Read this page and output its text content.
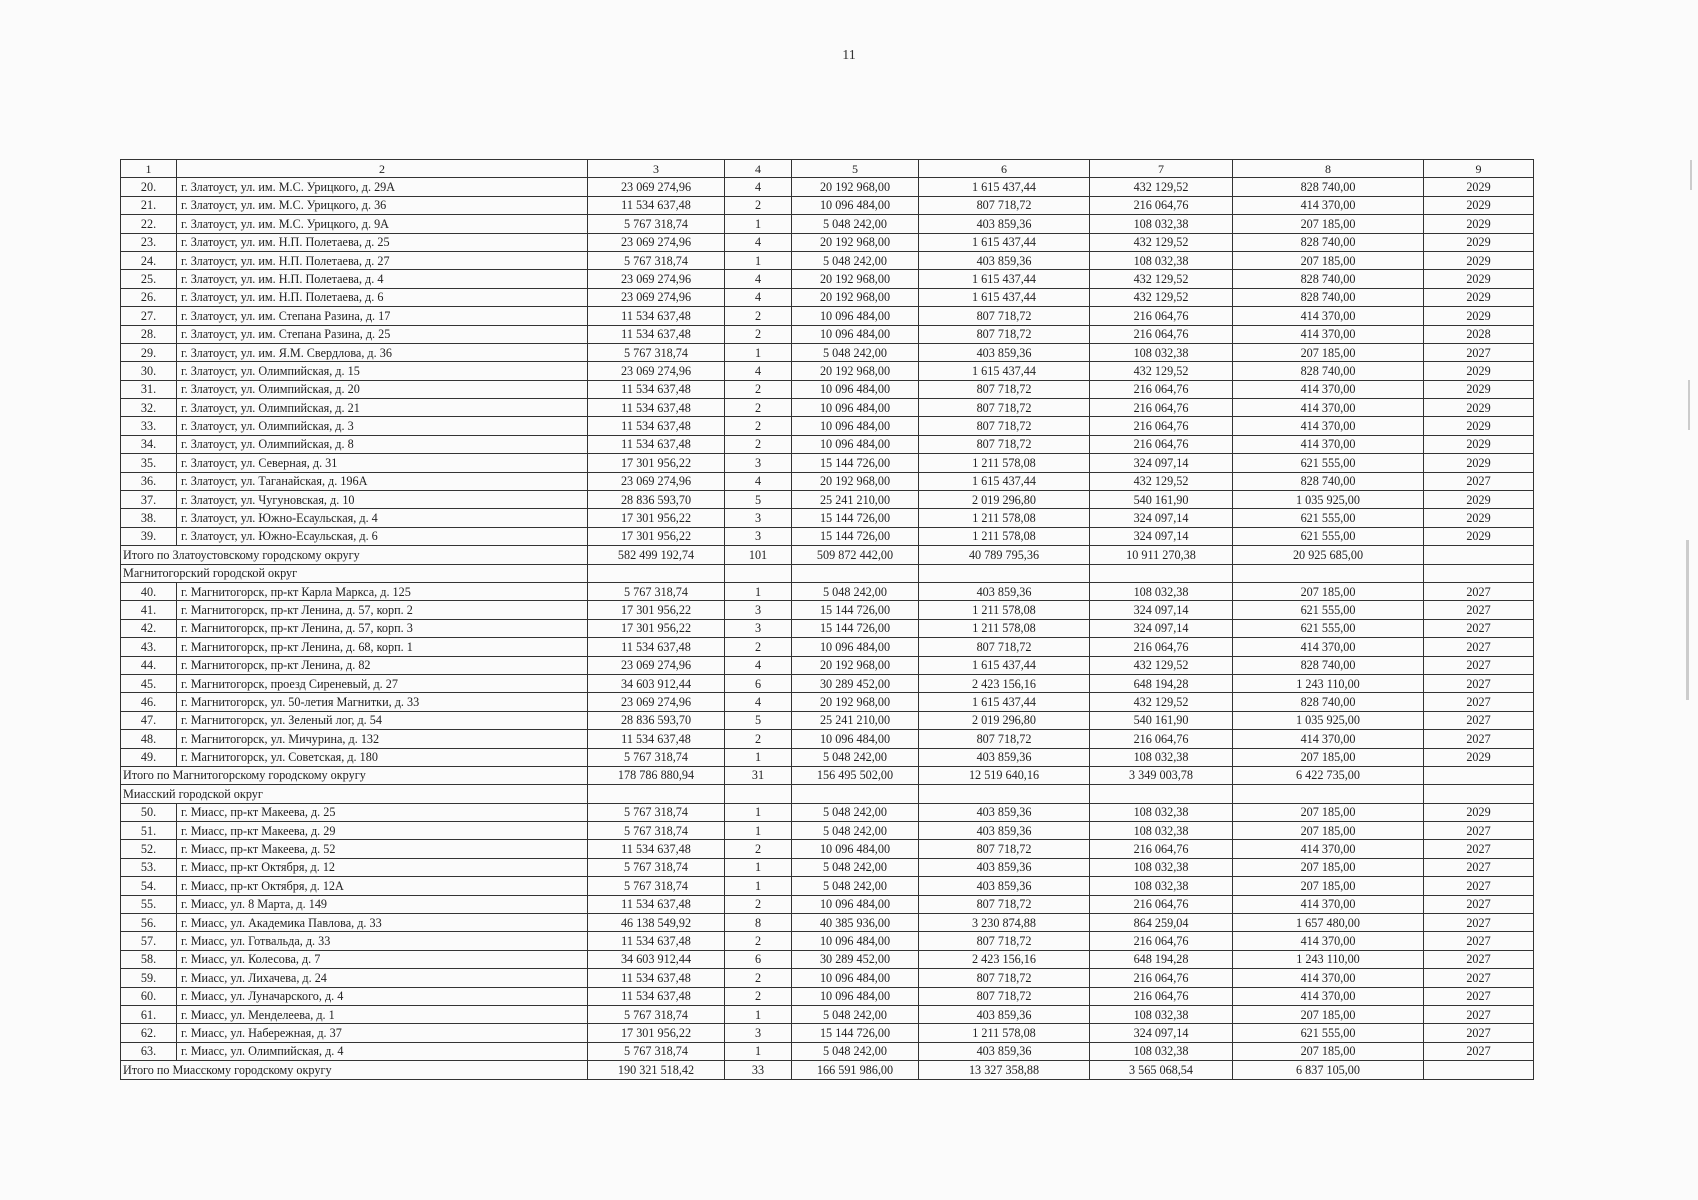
11
1	2	3	4	5	6	7	8	9
20.	г. Златоуст, ул. им. М.С. Урицкого, д. 29А	23 069 274,96	4	20 192 968,00	1 615 437,44	432 129,52	828 740,00	2029
21.	г. Златоуст, ул. им. М.С. Урицкого, д. 36	11 534 637,48	2	10 096 484,00	807 718,72	216 064,76	414 370,00	2029
22.	г. Златоуст, ул. им. М.С. Урицкого, д. 9А	5 767 318,74	1	5 048 242,00	403 859,36	108 032,38	207 185,00	2029
23.	г. Златоуст, ул. им. Н.П. Полетаева, д. 25	23 069 274,96	4	20 192 968,00	1 615 437,44	432 129,52	828 740,00	2029
24.	г. Златоуст, ул. им. Н.П. Полетаева, д. 27	5 767 318,74	1	5 048 242,00	403 859,36	108 032,38	207 185,00	2029
25.	г. Златоуст, ул. им. Н.П. Полетаева, д. 4	23 069 274,96	4	20 192 968,00	1 615 437,44	432 129,52	828 740,00	2029
26.	г. Златоуст, ул. им. Н.П. Полетаева, д. 6	23 069 274,96	4	20 192 968,00	1 615 437,44	432 129,52	828 740,00	2029
27.	г. Златоуст, ул. им. Степана Разина, д. 17	11 534 637,48	2	10 096 484,00	807 718,72	216 064,76	414 370,00	2029
28.	г. Златоуст, ул. им. Степана Разина, д. 25	11 534 637,48	2	10 096 484,00	807 718,72	216 064,76	414 370,00	2028
29.	г. Златоуст, ул. им. Я.М. Свердлова, д. 36	5 767 318,74	1	5 048 242,00	403 859,36	108 032,38	207 185,00	2027
30.	г. Златоуст, ул. Олимпийская, д. 15	23 069 274,96	4	20 192 968,00	1 615 437,44	432 129,52	828 740,00	2029
31.	г. Златоуст, ул. Олимпийская, д. 20	11 534 637,48	2	10 096 484,00	807 718,72	216 064,76	414 370,00	2029
32.	г. Златоуст, ул. Олимпийская, д. 21	11 534 637,48	2	10 096 484,00	807 718,72	216 064,76	414 370,00	2029
33.	г. Златоуст, ул. Олимпийская, д. 3	11 534 637,48	2	10 096 484,00	807 718,72	216 064,76	414 370,00	2029
34.	г. Златоуст, ул. Олимпийская, д. 8	11 534 637,48	2	10 096 484,00	807 718,72	216 064,76	414 370,00	2029
35.	г. Златоуст, ул. Северная, д. 31	17 301 956,22	3	15 144 726,00	1 211 578,08	324 097,14	621 555,00	2029
36.	г. Златоуст, ул. Таганайская, д. 196А	23 069 274,96	4	20 192 968,00	1 615 437,44	432 129,52	828 740,00	2027
37.	г. Златоуст, ул. Чугуновская, д. 10	28 836 593,70	5	25 241 210,00	2 019 296,80	540 161,90	1 035 925,00	2029
38.	г. Златоуст, ул. Южно-Есаульская, д. 4	17 301 956,22	3	15 144 726,00	1 211 578,08	324 097,14	621 555,00	2029
39.	г. Златоуст, ул. Южно-Есаульская, д. 6	17 301 956,22	3	15 144 726,00	1 211 578,08	324 097,14	621 555,00	2029
Итого по Златоустовскому городскому округу		582 499 192,74	101	509 872 442,00	40 789 795,36	10 911 270,38	20 925 685,00	
Магнитогорский городской округ								
40.	г. Магнитогорск, пр-кт Карла Маркса, д. 125	5 767 318,74	1	5 048 242,00	403 859,36	108 032,38	207 185,00	2027
41.	г. Магнитогорск, пр-кт Ленина, д. 57, корп. 2	17 301 956,22	3	15 144 726,00	1 211 578,08	324 097,14	621 555,00	2027
42.	г. Магнитогорск, пр-кт Ленина, д. 57, корп. 3	17 301 956,22	3	15 144 726,00	1 211 578,08	324 097,14	621 555,00	2027
43.	г. Магнитогорск, пр-кт Ленина, д. 68, корп. 1	11 534 637,48	2	10 096 484,00	807 718,72	216 064,76	414 370,00	2027
44.	г. Магнитогорск, пр-кт Ленина, д. 82	23 069 274,96	4	20 192 968,00	1 615 437,44	432 129,52	828 740,00	2027
45.	г. Магнитогорск, проезд Сиреневый, д. 27	34 603 912,44	6	30 289 452,00	2 423 156,16	648 194,28	1 243 110,00	2027
46.	г. Магнитогорск, ул. 50-летия Магнитки, д. 33	23 069 274,96	4	20 192 968,00	1 615 437,44	432 129,52	828 740,00	2027
47.	г. Магнитогорск, ул. Зеленый лог, д. 54	28 836 593,70	5	25 241 210,00	2 019 296,80	540 161,90	1 035 925,00	2027
48.	г. Магнитогорск, ул. Мичурина, д. 132	11 534 637,48	2	10 096 484,00	807 718,72	216 064,76	414 370,00	2027
49.	г. Магнитогорск, ул. Советская, д. 180	5 767 318,74	1	5 048 242,00	403 859,36	108 032,38	207 185,00	2029
Итого по Магнитогорскому городскому округу		178 786 880,94	31	156 495 502,00	12 519 640,16	3 349 003,78	6 422 735,00	
Миасский городской округ								
50.	г. Миасс, пр-кт Макеева, д. 25	5 767 318,74	1	5 048 242,00	403 859,36	108 032,38	207 185,00	2029
51.	г. Миасс, пр-кт Макеева, д. 29	5 767 318,74	1	5 048 242,00	403 859,36	108 032,38	207 185,00	2027
52.	г. Миасс, пр-кт Макеева, д. 52	11 534 637,48	2	10 096 484,00	807 718,72	216 064,76	414 370,00	2027
53.	г. Миасс, пр-кт Октября, д. 12	5 767 318,74	1	5 048 242,00	403 859,36	108 032,38	207 185,00	2027
54.	г. Миасс, пр-кт Октября, д. 12А	5 767 318,74	1	5 048 242,00	403 859,36	108 032,38	207 185,00	2027
55.	г. Миасс, ул. 8 Марта, д. 149	11 534 637,48	2	10 096 484,00	807 718,72	216 064,76	414 370,00	2027
56.	г. Миасс, ул. Академика Павлова, д. 33	46 138 549,92	8	40 385 936,00	3 230 874,88	864 259,04	1 657 480,00	2027
57.	г. Миасс, ул. Готвальда, д. 33	11 534 637,48	2	10 096 484,00	807 718,72	216 064,76	414 370,00	2027
58.	г. Миасс, ул. Колесова, д. 7	34 603 912,44	6	30 289 452,00	2 423 156,16	648 194,28	1 243 110,00	2027
59.	г. Миасс, ул. Лихачева, д. 24	11 534 637,48	2	10 096 484,00	807 718,72	216 064,76	414 370,00	2027
60.	г. Миасс, ул. Луначарского, д. 4	11 534 637,48	2	10 096 484,00	807 718,72	216 064,76	414 370,00	2027
61.	г. Миасс, ул. Менделеева, д. 1	5 767 318,74	1	5 048 242,00	403 859,36	108 032,38	207 185,00	2027
62.	г. Миасс, ул. Набережная, д. 37	17 301 956,22	3	15 144 726,00	1 211 578,08	324 097,14	621 555,00	2027
63.	г. Миасс, ул. Олимпийская, д. 4	5 767 318,74	1	5 048 242,00	403 859,36	108 032,38	207 185,00	2027
Итого по Миасскому городскому округу		190 321 518,42	33	166 591 986,00	13 327 358,88	3 565 068,54	6 837 105,00	
